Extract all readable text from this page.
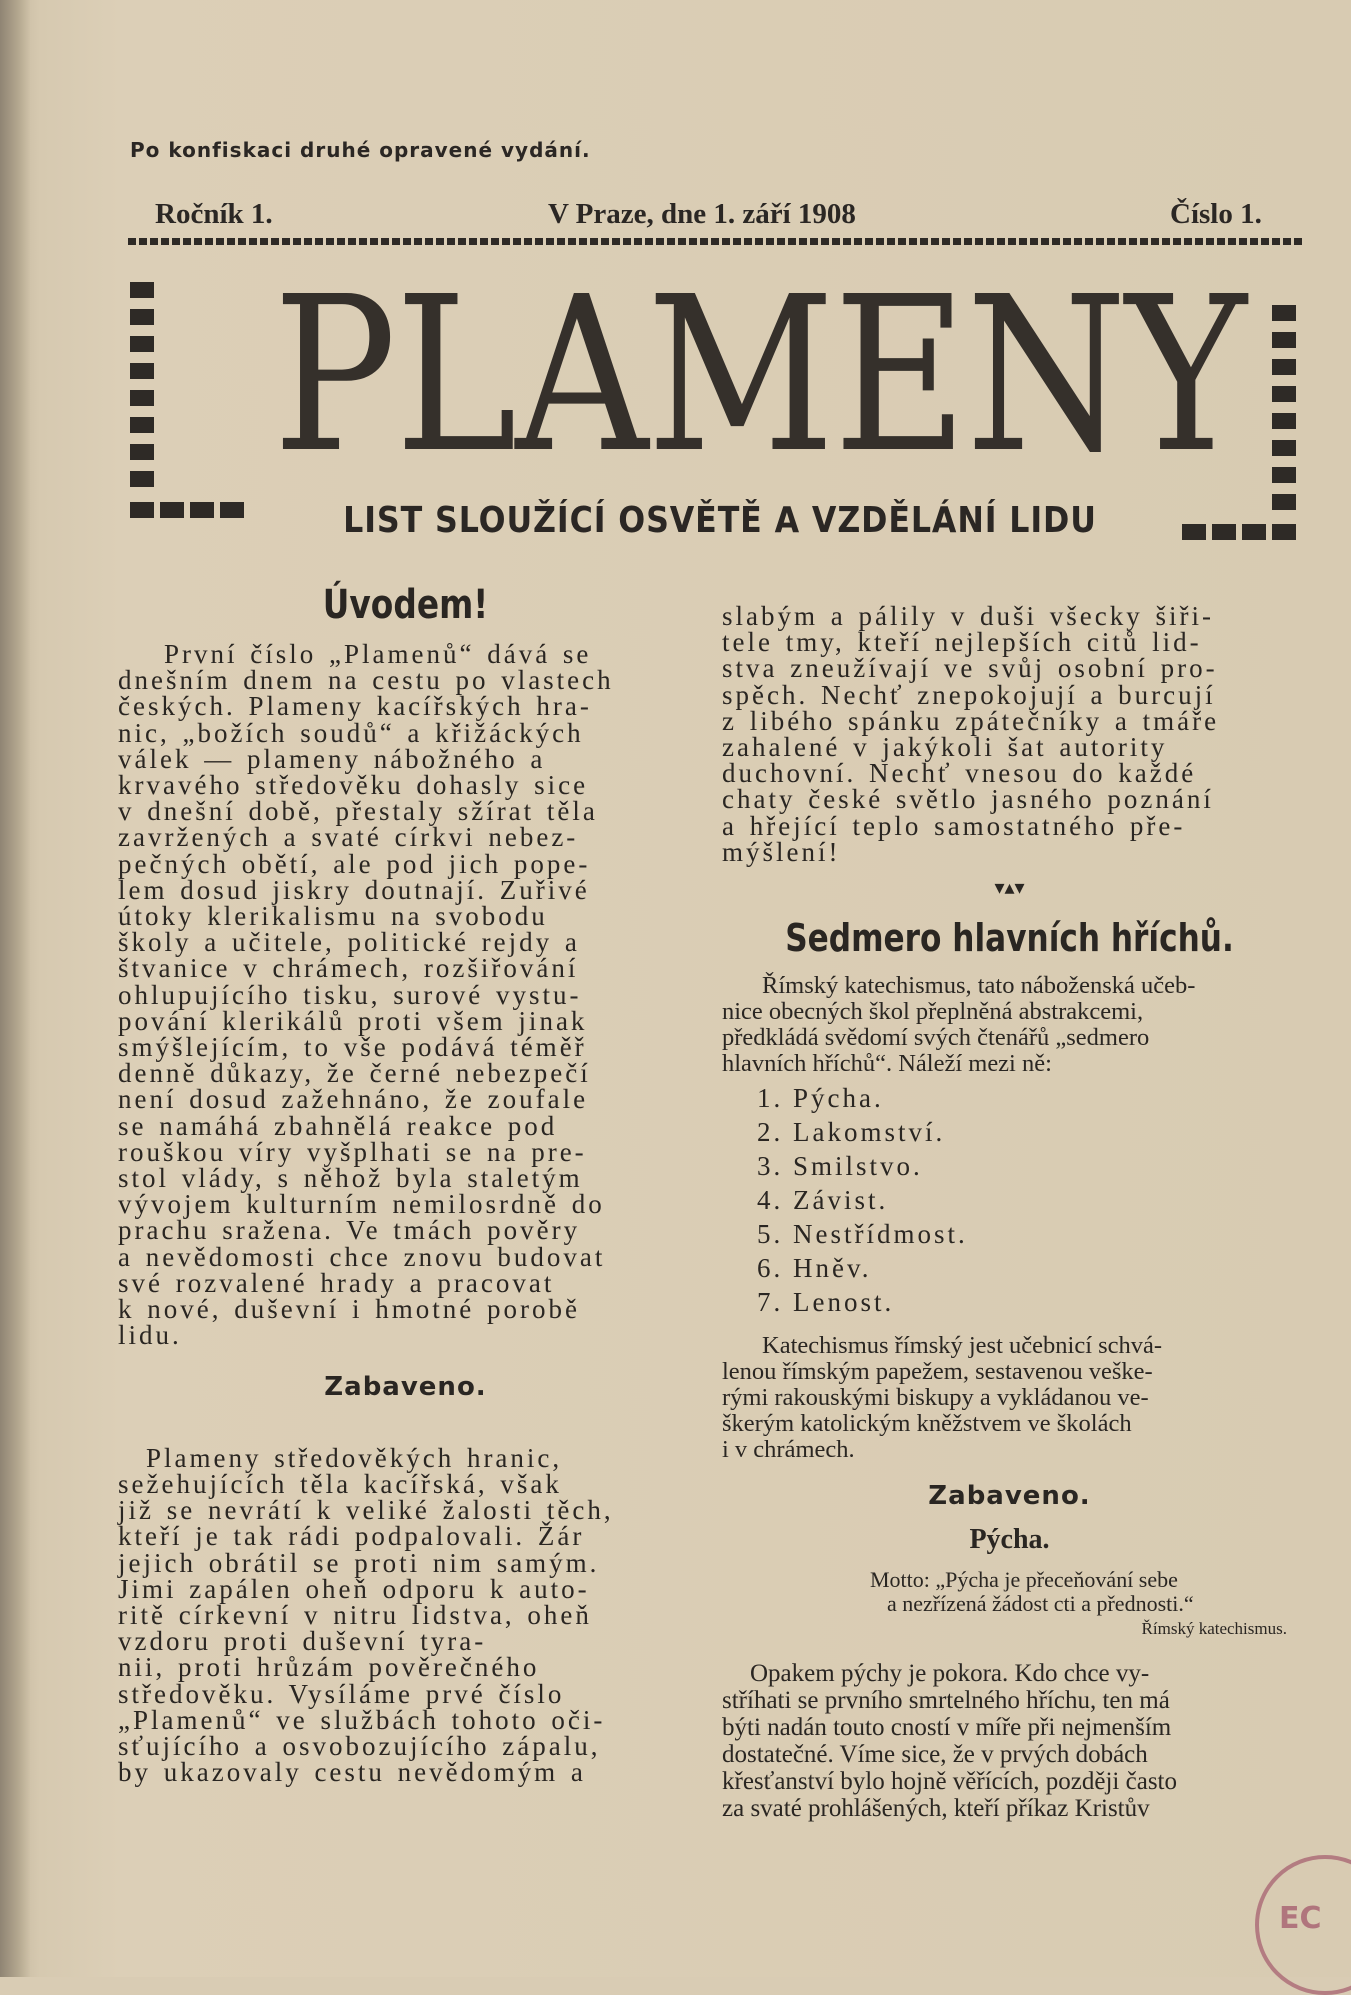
Po konfiskaci druhé opravené vydání.
Ročník 1.	V Praze, dne 1. září 1908	Číslo 1.
PLAMENY
LIST SLOUŽÍCÍ OSVĚTĚ A VZDĚLÁNÍ LIDU
Úvodem!

První číslo „Plamenů“ dává se

dnešním dnem na cestu po vlastech

českých. Plameny kacířských hra-

nic, „božích soudů“ a křižáckých

válek — plameny nábožného a

krvavého středověku dohasly sice

v dnešní době, přestaly sžírat těla

zavržených a svaté církvi nebez-

pečných obětí, ale pod jich pope-

lem dosud jiskry doutnají. Zuřivé

útoky klerikalismu na svobodu

školy a učitele, politické rejdy a

štvanice v chrámech, rozšiřování

ohlupujícího tisku, surové vystu-

pování klerikálů proti všem jinak

smýšlejícím, to vše podává téměř

denně důkazy, že černé nebezpečí

není dosud zažehnáno, že zoufale

se namáhá zbahnělá reakce pod

rouškou víry vyšplhati se na pre-

stol vlády, s něhož byla staletým

vývojem kulturním nemilosrdně do

prachu sražena. Ve tmách pověry

a nevědomosti chce znovu budovat

své rozvalené hrady a pracovat

k nové, duševní i hmotné porobě

lidu.

Zabaveno.

Plameny středověkých hranic,

sežehujících těla kacířská, však

již se nevrátí k veliké žalosti těch,

kteří je tak rádi podpalovali. Žár

jejich obrátil se proti nim samým.

Jimi zapálen oheň odporu k auto-

ritě církevní v nitru lidstva, oheň

vzdoru proti duševní tyra-

nii, proti hrůzám pověrečného

středověku. Vysíláme prvé číslo

„Plamenů“ ve službách tohoto oči-

sťujícího a osvobozujícího zápalu,

by ukazovaly cestu nevědomým a

slabým a pálily v duši všecky šiři-

tele tmy, kteří nejlepších citů lid-

stva zneužívají ve svůj osobní pro-

spěch. Nechť znepokojují a burcují

z libého spánku zpátečníky a tmáře

zahalené v jakýkoli šat autority

duchovní. Nechť vnesou do každé

chaty české světlo jasného poznání

a hřející teplo samostatného pře-

mýšlení!

▾▴▾
Sedmero hlavních hříchů.

Římský katechismus, tato náboženská učeb-

nice obecných škol přeplněná abstrakcemi,

předkládá svědomí svých čtenářů „sedmero

hlavních hříchů“. Náleží mezi ně:

1. Pýcha.
2. Lakomství.
3. Smilstvo.
4. Závist.
5. Nestřídmost.
6. Hněv.
7. Lenost.

Katechismus římský jest učebnicí schvá-

lenou římským papežem, sestavenou veške-

rými rakouskými biskupy a vykládanou ve-

škerým katolickým kněžstvem ve školách

i v chrámech.

Zabaveno.
Pýcha.
Motto: „Pýcha je přeceňování sebe
a nezřízená žádost cti a přednosti.“
Římský katechismus.

Opakem pýchy je pokora. Kdo chce vy-

stříhati se prvního smrtelného hříchu, ten má

býti nadán touto cností v míře při nejmenším

dostatečné. Víme sice, že v prvých dobách

křesťanství bylo hojně věřících, později často

za svaté prohlášených, kteří příkaz Kristův

EC
